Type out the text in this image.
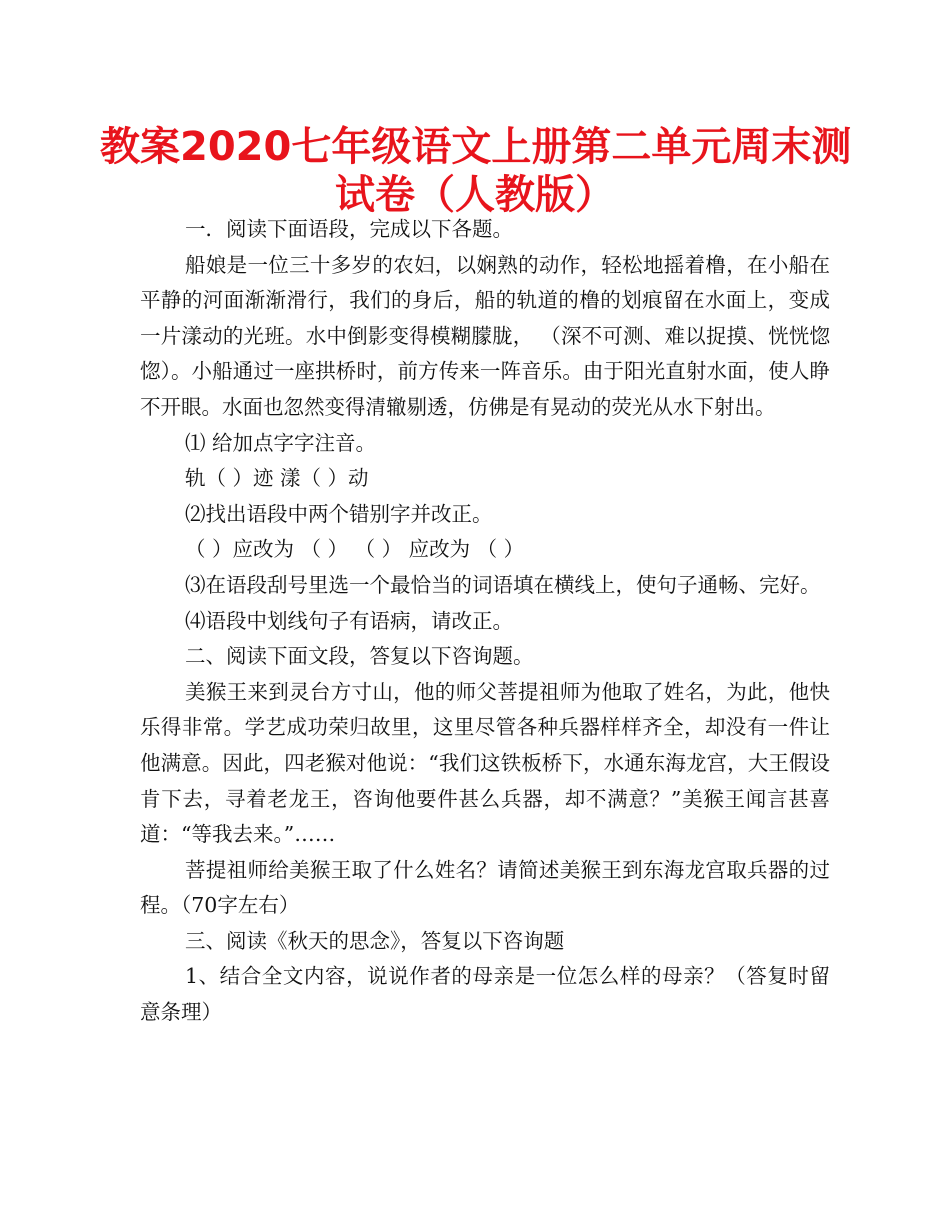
教案2020七年级语文上册第二单元周末测
试卷（人教版）

一．阅读下面语段，完成以下各题。

船娘是一位三十多岁的农妇，以娴熟的动作，轻松地摇着橹，在小船在平静的河面渐渐滑行，我们的身后，船的轨道的橹的划痕留在水面上，变成一片漾动的光班。水中倒影变得模糊朦胧， （深不可测、难以捉摸、恍恍惚惚）。小船通过一座拱桥时，前方传来一阵音乐。由于阳光直射水面，使人睁不开眼。水面也忽然变得清辙剔透，仿佛是有晃动的荧光从水下射出。

⑴ 给加点字字注音。

轨（ ）迹 漾（ ）动

⑵找出语段中两个错别字并改正。

（ ）应改为 （ ） （ ） 应改为 （ ）

⑶在语段刮号里选一个最恰当的词语填在横线上，使句子通畅、完好。

⑷语段中划线句子有语病，请改正。

二、阅读下面文段，答复以下咨询题。

美猴王来到灵台方寸山，他的师父菩提祖师为他取了姓名，为此，他快乐得非常。学艺成功荣归故里，这里尽管各种兵器样样齐全，却没有一件让他满意。因此，四老猴对他说：“我们这铁板桥下，水通东海龙宫，大王假设肯下去，寻着老龙王，咨询他要件甚么兵器，却不满意？”美猴王闻言甚喜道：“等我去来。”……

菩提祖师给美猴王取了什么姓名？请简述美猴王到东海龙宫取兵器的过程。（70字左右）

三、阅读《秋天的思念》，答复以下咨询题

1、结合全文内容，说说作者的母亲是一位怎么样的母亲？（答复时留意条理）
